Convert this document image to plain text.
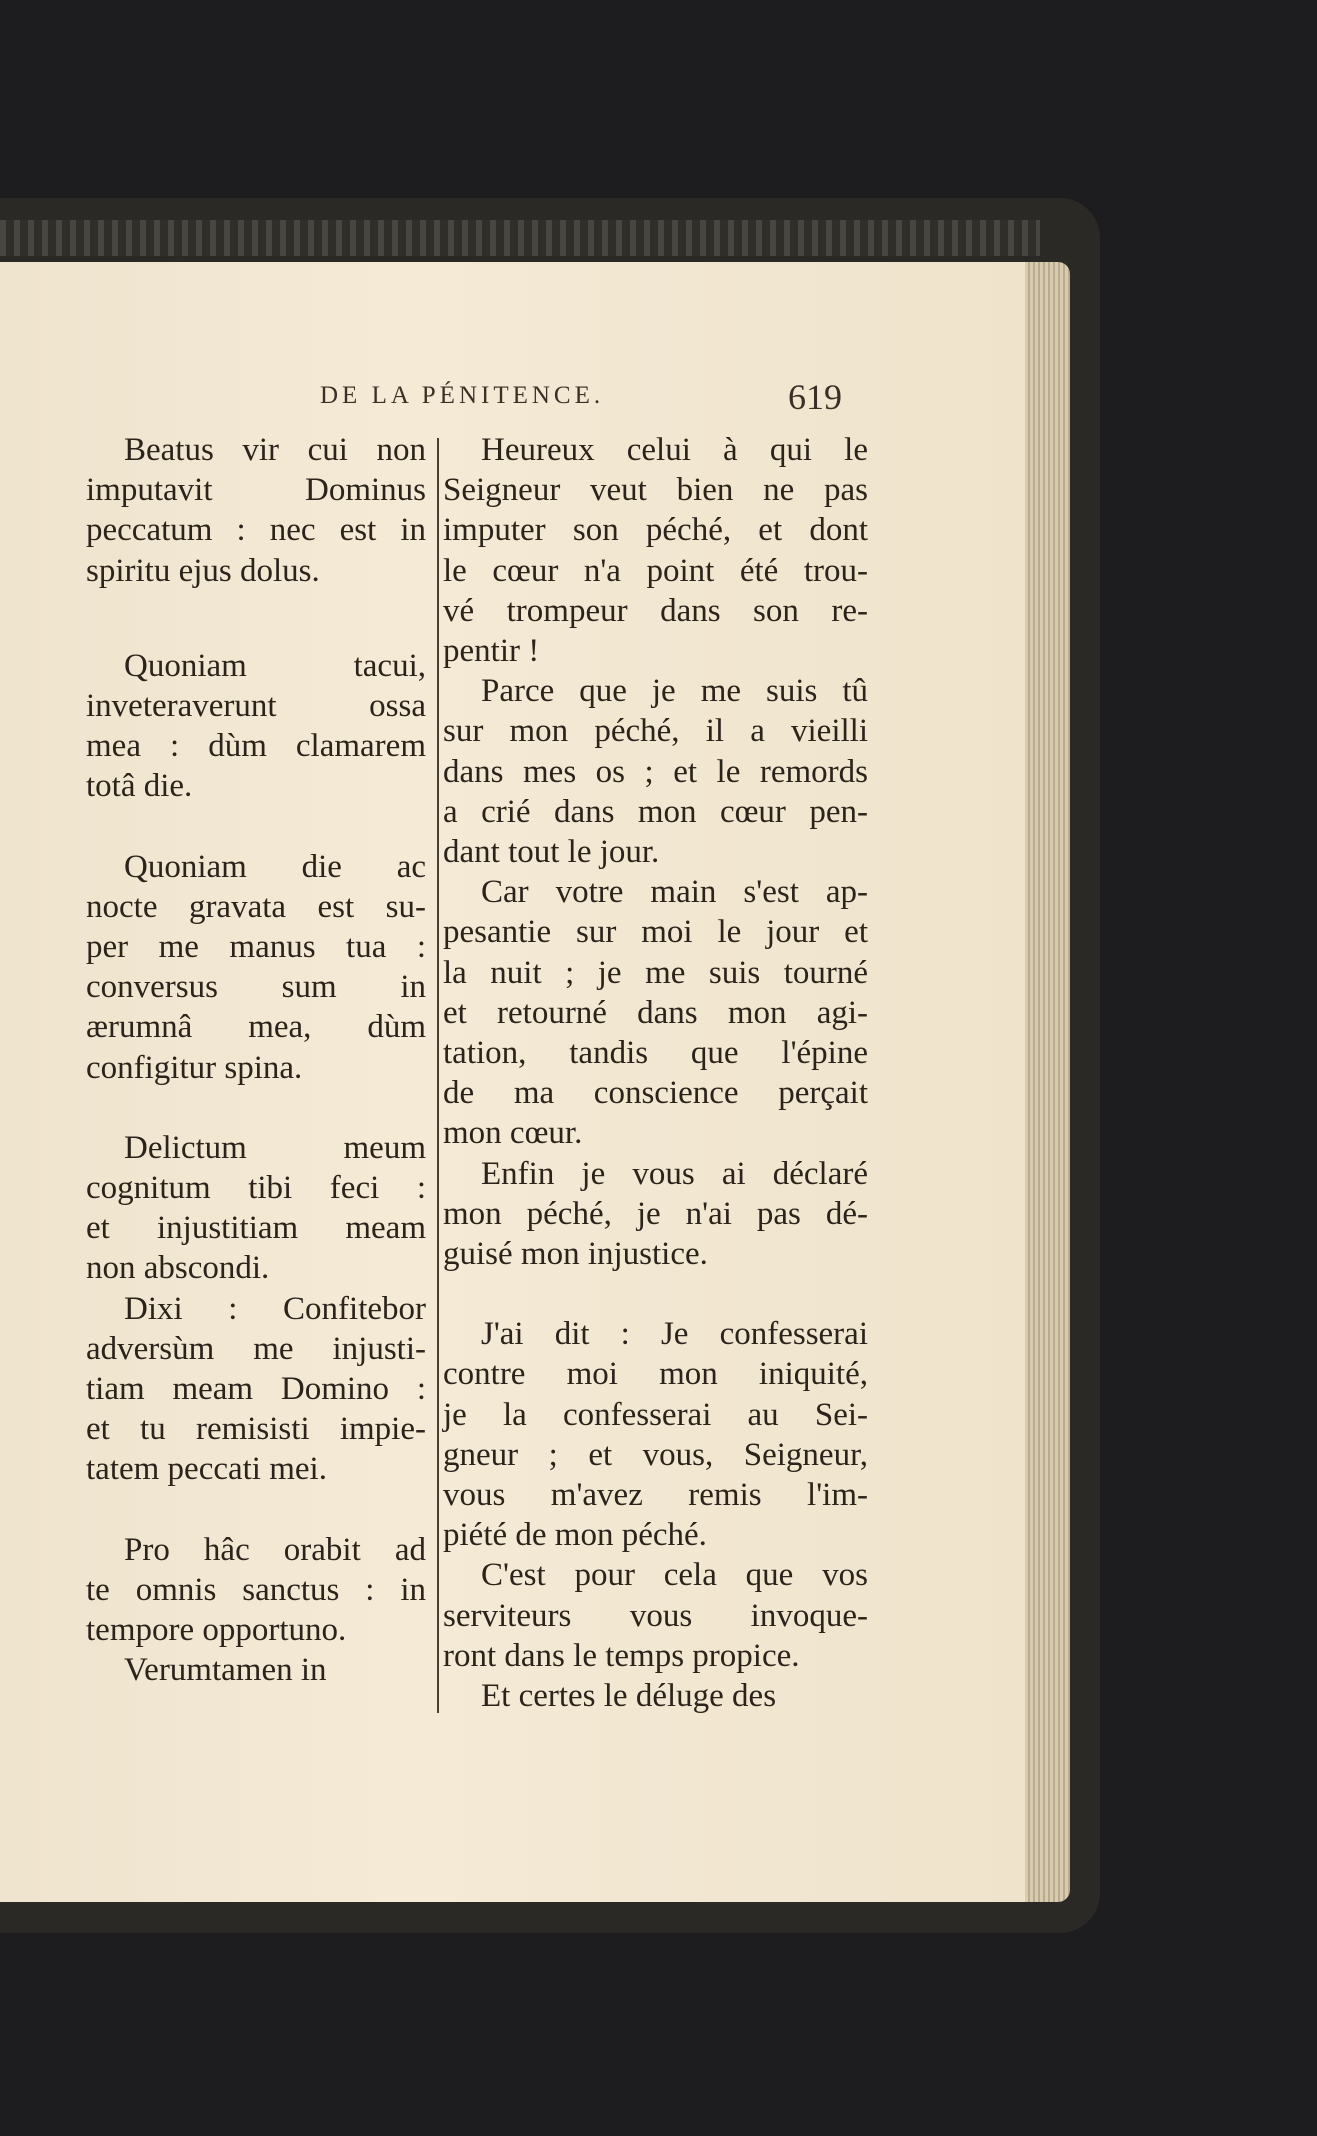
DE LA PÉNITENCE.	619

Beatus vir cui non
imputavit Dominus
peccatum : nec est in
spiritu ejus dolus.

Quoniam tacui,
inveteraverunt ossa
mea : dùm clamarem
totâ die.

Quoniam die ac
nocte gravata est su-
per me manus tua :
conversus sum in
ærumnâ mea, dùm
configitur spina.

Delictum meum
cognitum tibi feci :
et injustitiam meam
non abscondi.

Dixi : Confitebor
adversùm me injusti-
tiam meam Domino :
et tu remisisti impie-
tatem peccati mei.

Pro hâc orabit ad
te omnis sanctus : in
tempore opportuno.

Verumtamen in

Heureux celui à qui le
Seigneur veut bien ne pas
imputer son péché, et dont
le cœur n'a point été trou-
vé trompeur dans son re-
pentir !

Parce que je me suis tû
sur mon péché, il a vieilli
dans mes os ; et le remords
a crié dans mon cœur pen-
dant tout le jour.

Car votre main s'est ap-
pesantie sur moi le jour et
la nuit ; je me suis tourné
et retourné dans mon agi-
tation, tandis que l'épine
de ma conscience perçait
mon cœur.

Enfin je vous ai déclaré
mon péché, je n'ai pas dé-
guisé mon injustice.

J'ai dit : Je confesserai
contre moi mon iniquité,
je la confesserai au Sei-
gneur ; et vous, Seigneur,
vous m'avez remis l'im-
piété de mon péché.

C'est pour cela que vos
serviteurs vous invoque-
ront dans le temps propice.

Et certes le déluge des
